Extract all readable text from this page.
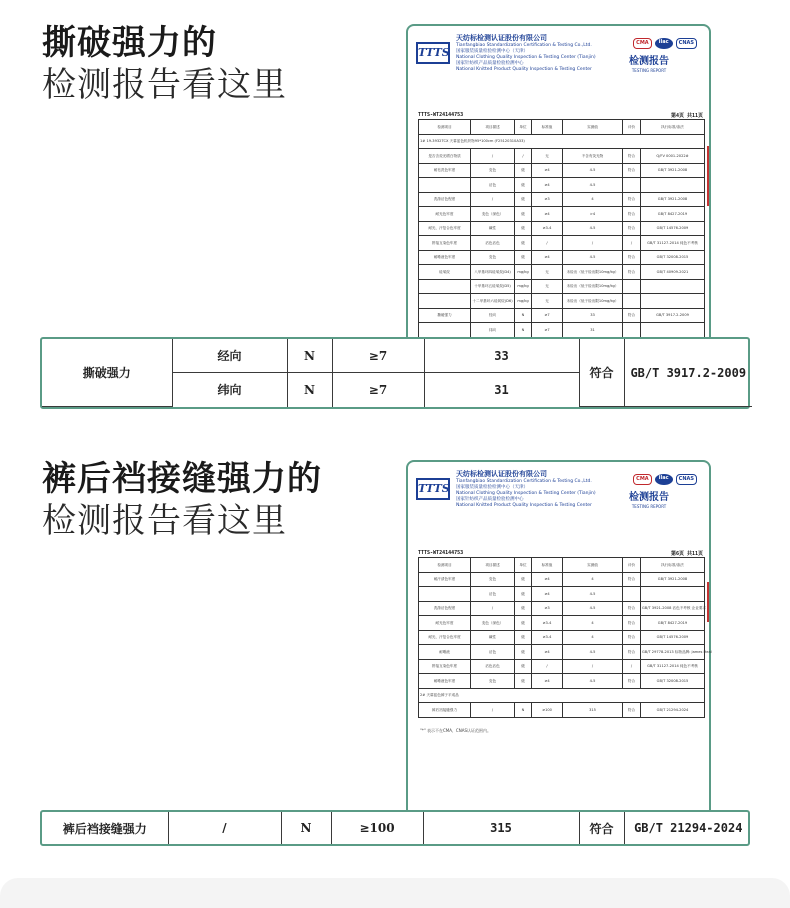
撕破强力的
检测报告看这里
TTTS
天纺标检测认证股份有限公司
Tianfangbiao Standardization Certification & Testing Co.,Ltd.
国家服装质量检验检测中心（天津）
National Clothing Quality Inspection & Testing Center (Tianjin)
国家针纺织产品质量检验检测中心
National Knitted Product Quality Inspection & Testing Center
CMA	ilac	CNAS
检测报告
TESTING REPORT
TTTS-WT24144753	第4页 共11页
检测项目	项目描述	单位	标准值	实测值	评价	执行标准/条法
1# 19-3932TCX 天幕蓝色机织物95*100cm (F25120310A33)						
是否含荧光增白物质	/	/	无	不含有荧光物	符合	Q/FV 0001-2022#
耐皂洗色牢度	变色	级	≥4	4-5	符合	GB/T 3921-2008
	沾色	级	≥4	4-5		
洗涤沾色程度	/	级	≥3	4	符合	GB/T 3921-2008
耐光色牢度	变色（深色）	级	≥4	>4	符合	GB/T 8427-2019
耐光、汗复合色牢度	碱性	级	≥3-4	4-5	符合	GB/T 14576-2009
拼接互染色牢度	沾色沾色	级	/	/	/	GB/T 31127-2014 纯色不考核
耐唾液色牢度	变色	级	≥4	4-5	符合	GB/T 32008-2015
硅氧烷	八甲基环四硅氧烷(D4)	mg/kg	无	未检出（低于检出限10mg/kg）	符合	GB/T 40909-2021
	十甲基环五硅氧烷(D5)	mg/kg	无	未检出（低于检出限10mg/kg）		
	十二甲基环六硅氧烷(D6)	mg/kg	无	未检出（低于检出限10mg/kg）		
撕破强力	经向	N	≥7	33	符合	GB/T 3917.2-2009
	纬向	N	≥7	31		

撕破强力	经向	N	≥7	33	符合	GB/T 3917.2-2009
	纬向	N	≥7	31		
裤后裆接缝强力的
检测报告看这里
TTTS
天纺标检测认证股份有限公司
Tianfangbiao Standardization Certification & Testing Co.,Ltd.
国家服装质量检验检测中心（天津）
National Clothing Quality Inspection & Testing Center (Tianjin)
国家针纺织产品质量检验检测中心
National Knitted Product Quality Inspection & Testing Center
CMA	ilac	CNAS
检测报告
TESTING REPORT
TTTS-WT24144753	第6页 共11页
检测项目	项目描述	单位	标准值	实测值	评价	执行标准/条法
耐汗渍色牢度	变色	级	≥4	4	符合	GB/T 3921-2008
	沾色	级	≥4	4-5		
洗涤沾色程度	/	级	≥3	4-5	符合	GB/T 3921-2008 沾色不考核 企业要求
耐光色牢度	变色（深色）	级	≥3-4	4	符合	GB/T 8427-2019
耐光、汗复合色牢度	碱性	级	≥3-4	4	符合	GB/T 14576-2009
耐唾液	沾色	级	≥4	4-5	符合	GB/T 29778-2013 标物品牌: James Heal
拼接互染色牢度	沾色沾色	级	/	/	/	GB/T 31127-2014 纯色不考核
耐唾液色牢度	变色	级	≥4	4-5	符合	GB/T 32008-2015
2# 天幕蓝色裤子平成品						
裤后裆接缝强力	/	N	≥100	315	符合	GB/T 21294-2024
"*" 表示不在CMA、CNAS认证范围内。
裤后裆接缝强力	/	N	≥100	315	符合	GB/T 21294-2024
